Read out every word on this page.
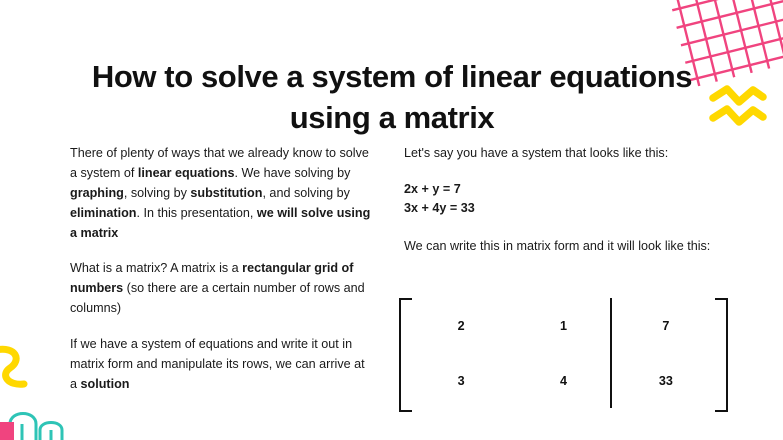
How to solve a system of linear equations using a matrix

There of plenty of ways that we already know to solve a system of linear equations. We have solving by graphing, solving by substitution, and solving by elimination. In this presentation, we will solve using a matrix

What is a matrix? A matrix is a rectangular grid of numbers (so there are a certain number of rows and columns)

If we have a system of equations and write it out in matrix form and manipulate its rows, we can arrive at a solution

Let's say you have a system that looks like this:

2x + y = 7
3x + 4y = 33

We can write this in matrix form and it will look like this:

2	1	7
3	4	33
